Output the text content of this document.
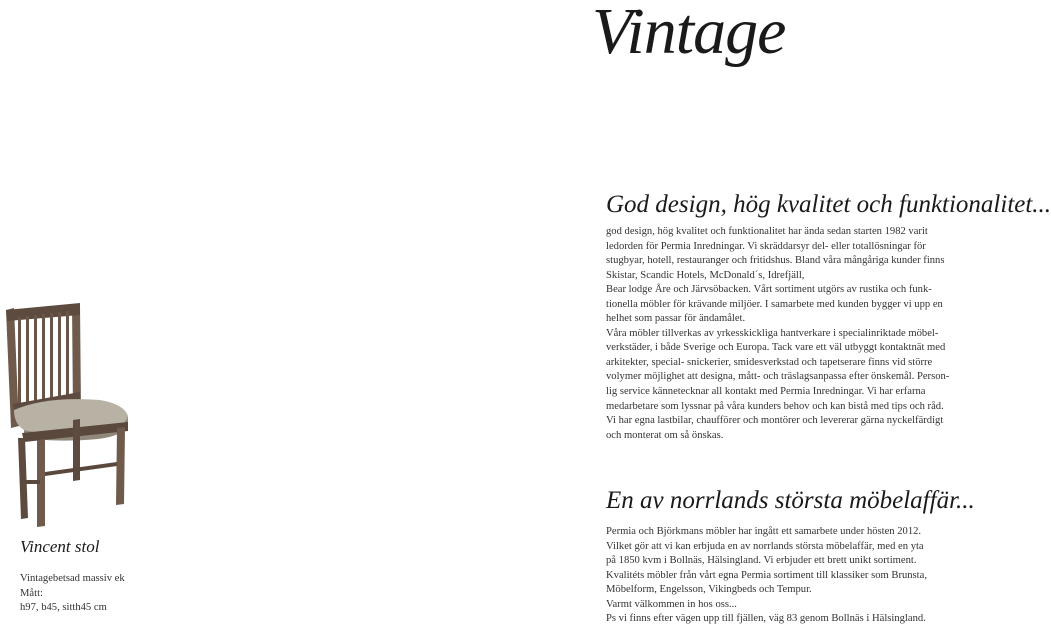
Vintage
God design, hög kvalitet och funktionalitet...
god design, hög kvalitet och funktionalitet har ända sedan starten 1982 varit
ledorden för Permia Inredningar. Vi skräddarsyr del- eller totallösningar för
stugbyar, hotell, restauranger och fritidshus. Bland våra mångåriga kunder finns
Skistar, Scandic Hotels, McDonald´s, Idrefjäll,
Bear lodge Åre och Järvsöbacken. Vårt sortiment utgörs av rustika och funk-
tionella möbler för krävande miljöer. I samarbete med kunden bygger vi upp en
helhet som passar för ändamålet.
Våra möbler tillverkas av yrkesskickliga hantverkare i specialinriktade möbel-
verkstäder, i både Sverige och Europa. Tack vare ett väl utbyggt kontaktnät med
arkitekter, special- snickerier, smidesverkstad och tapetserare finns vid större
volymer möjlighet att designa, mått- och träslagsanpassa efter önskemål. Person-
lig service kännetecknar all kontakt med Permia Inredningar. Vi har erfarna
medarbetare som lyssnar på våra kunders behov och kan bistå med tips och råd.
Vi har egna lastbilar, chaufförer och montörer och levererar gärna nyckelfärdigt
och monterat om så önskas.
En av norrlands största möbelaffär...
Permia och Björkmans möbler har ingått ett samarbete under hösten 2012.
Vilket gör att vi kan erbjuda en av norrlands största möbelaffär, med en yta
på 1850 kvm i Bollnäs, Hälsingland. Vi erbjuder ett brett unikt sortiment.
Kvalitéts möbler från vårt egna Permia sortiment till klassiker som Brunsta,
Möbelform, Engelsson, Vikingbeds och Tempur.
Varmt välkommen in hos oss...
Ps vi finns efter vägen upp till fjällen, väg 83 genom Bollnäs i Hälsingland.
Vincent stol
Vintagebetsad massiv ek
Mått:
h97, b45, sitth45 cm
